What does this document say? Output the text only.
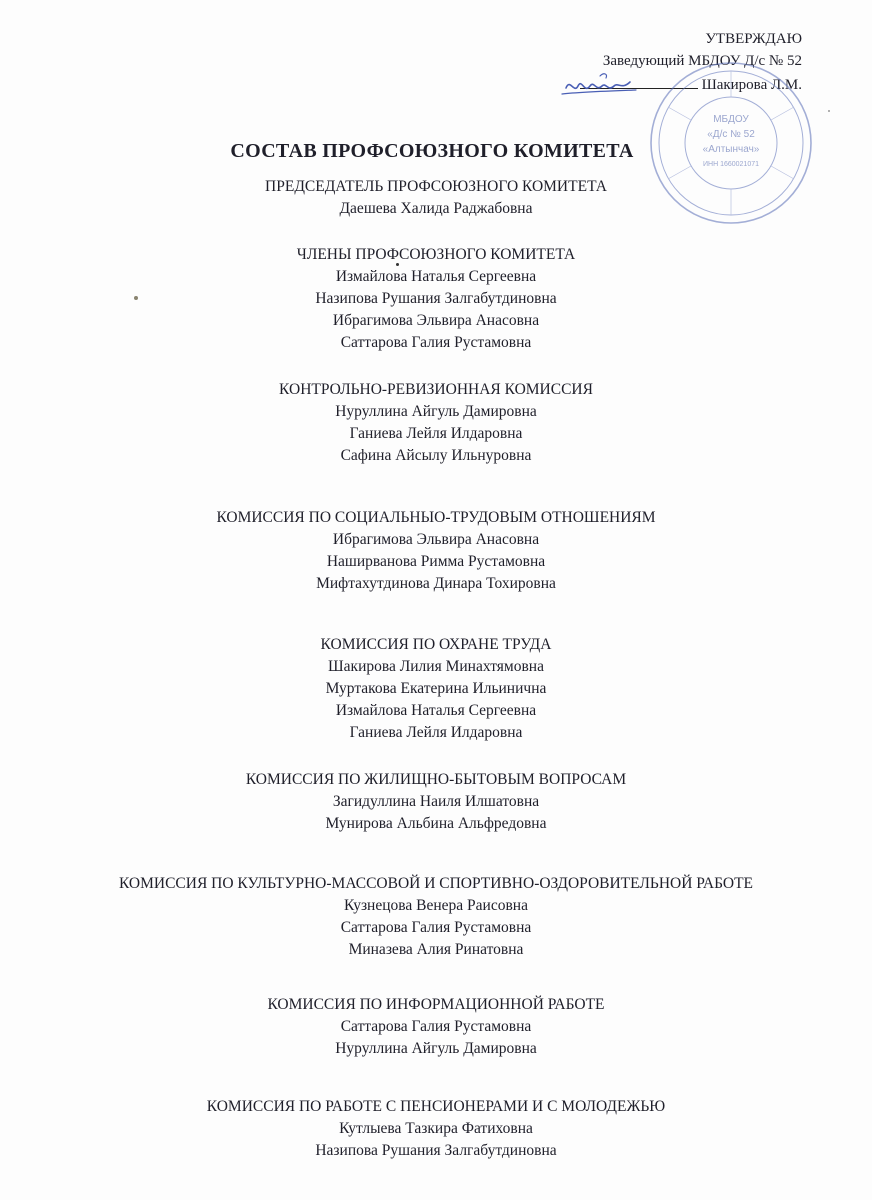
УТВЕРЖДАЮ
Заведующий МБДОУ Д/с № 52
Шакирова Л.М.
МБДОУ
«Д/с № 52
«Алтынчач»
ИНН 1660021071
СОСТАВ ПРОФСОЮЗНОГО КОМИТЕТА
ПРЕДСЕДАТЕЛЬ ПРОФСОЮЗНОГО КОМИТЕТА
Даешева Халида Раджабовна
ЧЛЕНЫ ПРОФСОЮЗНОГО КОМИТЕТА
Измайлова Наталья Сергеевна
Назипова Рушания Залгабутдиновна
Ибрагимова Эльвира Анасовна
Саттарова Галия Рустамовна
КОНТРОЛЬНО-РЕВИЗИОННАЯ КОМИССИЯ
Нуруллина Айгуль Дамировна
Ганиева Лейля Илдаровна
Сафина Айсылу Ильнуровна
КОМИССИЯ ПО СОЦИАЛЬНЫО-ТРУДОВЫМ ОТНОШЕНИЯМ
Ибрагимова Эльвира Анасовна
Наширванова Римма Рустамовна
Мифтахутдинова Динара Тохировна
КОМИССИЯ ПО ОХРАНЕ ТРУДА
Шакирова Лилия Минахтямовна
Муртакова Екатерина Ильинична
Измайлова Наталья Сергеевна
Ганиева Лейля Илдаровна
КОМИССИЯ ПО ЖИЛИЩНО-БЫТОВЫМ ВОПРОСАМ
Загидуллина Наиля Илшатовна
Мунирова Альбина Альфредовна
КОМИССИЯ ПО КУЛЬТУРНО-МАССОВОЙ И СПОРТИВНО-ОЗДОРОВИТЕЛЬНОЙ РАБОТЕ
Кузнецова Венера Раисовна
Саттарова Галия Рустамовна
Миназева Алия Ринатовна
КОМИССИЯ ПО ИНФОРМАЦИОННОЙ РАБОТЕ
Саттарова Галия Рустамовна
Нуруллина Айгуль Дамировна
КОМИССИЯ ПО РАБОТЕ С ПЕНСИОНЕРАМИ И С МОЛОДЕЖЬЮ
Кутлыева Тазкира Фатиховна
Назипова Рушания Залгабутдиновна
